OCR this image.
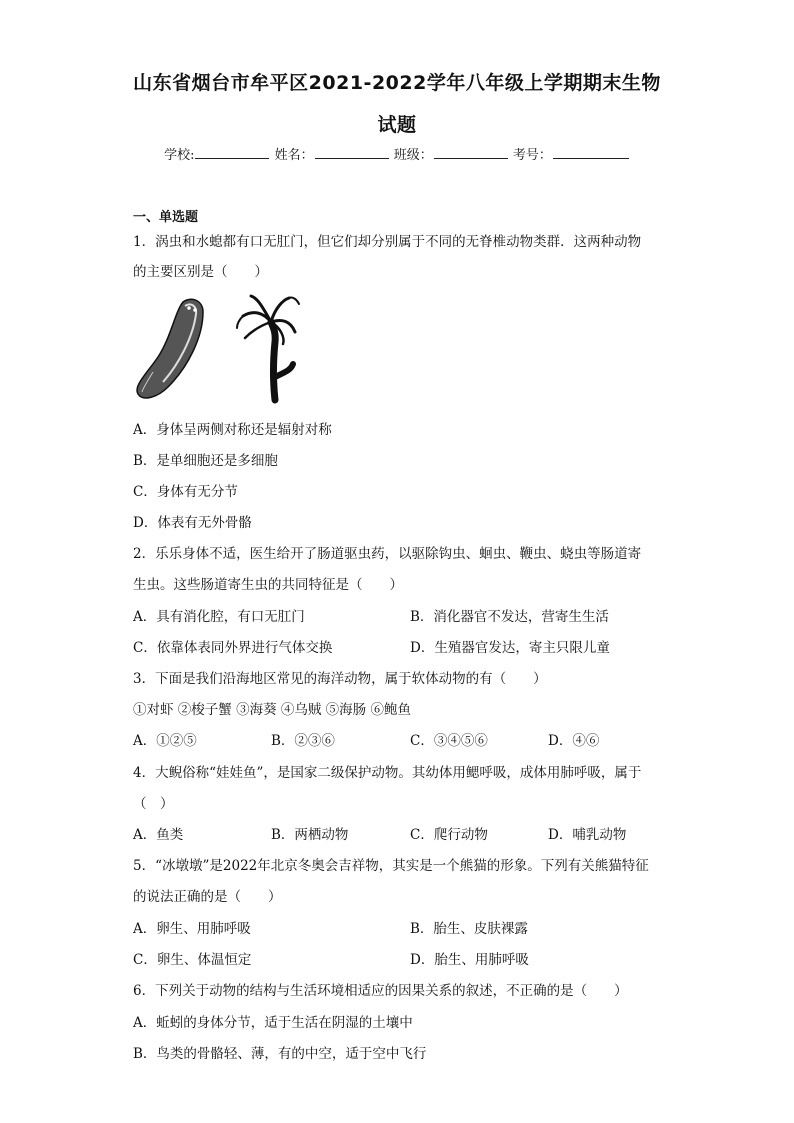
山东省烟台市牟平区2021-2022学年八年级上学期期末生物
试题
学校:	姓名：	班级：	考号：
一、单选题
1．涡虫和水螅都有口无肛门，但它们却分别属于不同的无脊椎动物类群．这两种动物
的主要区别是（　　）
A．身体呈两侧对称还是辐射对称
B．是单细胞还是多细胞
C．身体有无分节
D．体表有无外骨骼
2．乐乐身体不适，医生给开了肠道驱虫药，以驱除钩虫、蛔虫、鞭虫、蛲虫等肠道寄
生虫。这些肠道寄生虫的共同特征是（　　）
A．具有消化腔，有口无肛门	B．消化器官不发达，营寄生生活
C．依靠体表同外界进行气体交换	D．生殖器官发达，寄主只限儿童
3．下面是我们沿海地区常见的海洋动物，属于软体动物的有（　　）
①对虾 ②梭子蟹 ③海葵 ④乌贼 ⑤海肠 ⑥鲍鱼
A．①②⑤	B．②③⑥	C．③④⑤⑥	D．④⑥
4．大鲵俗称“娃娃鱼”，是国家二级保护动物。其幼体用鳃呼吸，成体用肺呼吸，属于
（　）
A．鱼类	B．两栖动物	C．爬行动物	D．哺乳动物
5．“冰墩墩”是2022年北京冬奥会吉祥物，其实是一个熊猫的形象。下列有关熊猫特征
的说法正确的是（　　）
A．卵生、用肺呼吸	B．胎生、皮肤裸露
C．卵生、体温恒定	D．胎生、用肺呼吸
6．下列关于动物的结构与生活环境相适应的因果关系的叙述，不正确的是（　　）
A．蚯蚓的身体分节，适于生活在阴湿的土壤中
B．鸟类的骨骼轻、薄，有的中空，适于空中飞行
